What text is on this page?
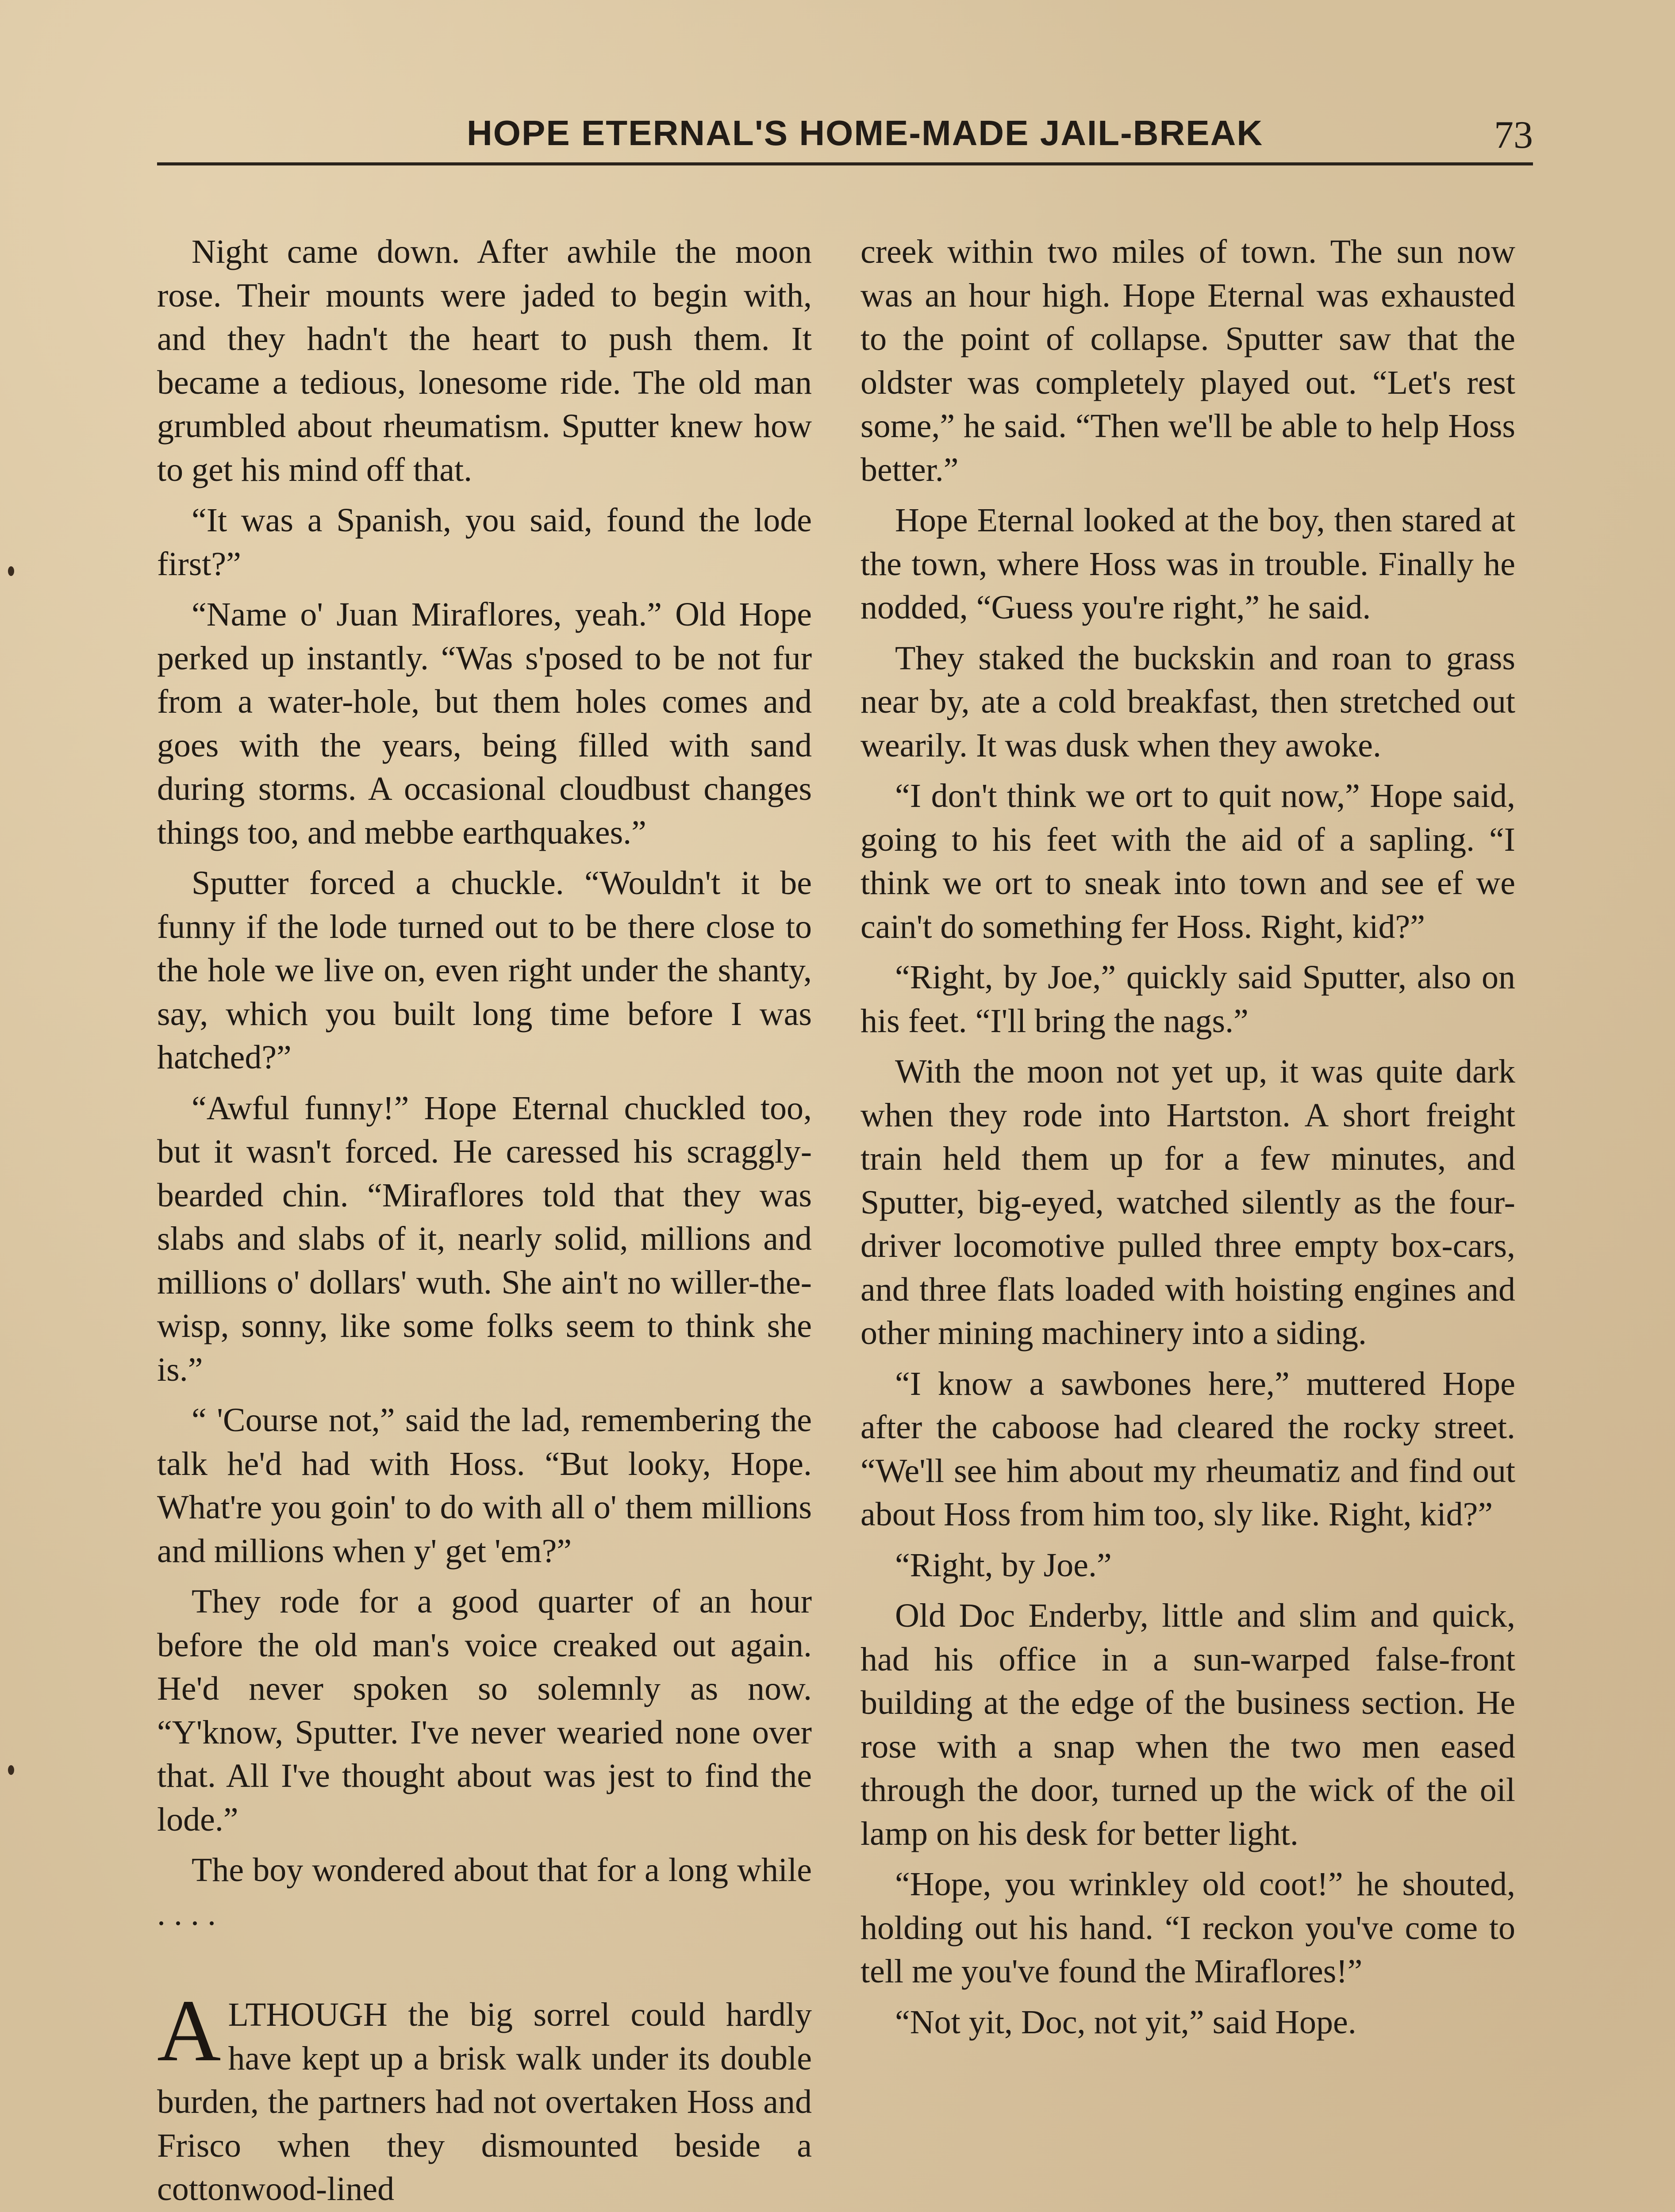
HOPE ETERNAL'S HOME-MADE JAIL-BREAK	73

Night came down. After awhile the moon rose. Their mounts were jaded to begin with, and they hadn't the heart to push them. It became a tedious, lonesome ride. The old man grumbled about rheumatism. Sputter knew how to get his mind off that.

“It was a Spanish, you said, found the lode first?”

“Name o' Juan Miraflores, yeah.” Old Hope perked up instantly. “Was s'posed to be not fur from a water-hole, but them holes comes and goes with the years, being filled with sand during storms. A occasional cloudbust changes things too, and mebbe earthquakes.”

Sputter forced a chuckle. “Wouldn't it be funny if the lode turned out to be there close to the hole we live on, even right under the shanty, say, which you built long time before I was hatched?”

“Awful funny!” Hope Eternal chuckled too, but it wasn't forced. He caressed his scraggly-bearded chin. “Miraflores told that they was slabs and slabs of it, nearly solid, millions and millions o' dollars' wuth. She ain't no willer-the-wisp, sonny, like some folks seem to think she is.”

“ 'Course not,” said the lad, remembering the talk he'd had with Hoss. “But looky, Hope. What're you goin' to do with all o' them millions and millions when y' get 'em?”

They rode for a good quarter of an hour before the old man's voice creaked out again. He'd never spoken so solemnly as now. “Y'know, Sputter. I've never wearied none over that. All I've thought about was jest to find the lode.”

The boy wondered about that for a long while . . . .

ALTHOUGH the big sorrel could hardly have kept up a brisk walk under its double burden, the partners had not overtaken Hoss and Frisco when they dismounted beside a cottonwood-lined

creek within two miles of town. The sun now was an hour high. Hope Eternal was exhausted to the point of collapse. Sputter saw that the oldster was completely played out. “Let's rest some,” he said. “Then we'll be able to help Hoss better.”

Hope Eternal looked at the boy, then stared at the town, where Hoss was in trouble. Finally he nodded, “Guess you're right,” he said.

They staked the buckskin and roan to grass near by, ate a cold breakfast, then stretched out wearily. It was dusk when they awoke.

“I don't think we ort to quit now,” Hope said, going to his feet with the aid of a sapling. “I think we ort to sneak into town and see ef we cain't do something fer Hoss. Right, kid?”

“Right, by Joe,” quickly said Sputter, also on his feet. “I'll bring the nags.”

With the moon not yet up, it was quite dark when they rode into Hartston. A short freight train held them up for a few minutes, and Sputter, big-eyed, watched silently as the four-driver locomotive pulled three empty box-cars, and three flats loaded with hoisting engines and other mining machinery into a siding.

“I know a sawbones here,” muttered Hope after the caboose had cleared the rocky street. “We'll see him about my rheumatiz and find out about Hoss from him too, sly like. Right, kid?”

“Right, by Joe.”

Old Doc Enderby, little and slim and quick, had his office in a sun-warped false-front building at the edge of the business section. He rose with a snap when the two men eased through the door, turned up the wick of the oil lamp on his desk for better light.

“Hope, you wrinkley old coot!” he shouted, holding out his hand. “I reckon you've come to tell me you've found the Miraflores!”

“Not yit, Doc, not yit,” said Hope.
